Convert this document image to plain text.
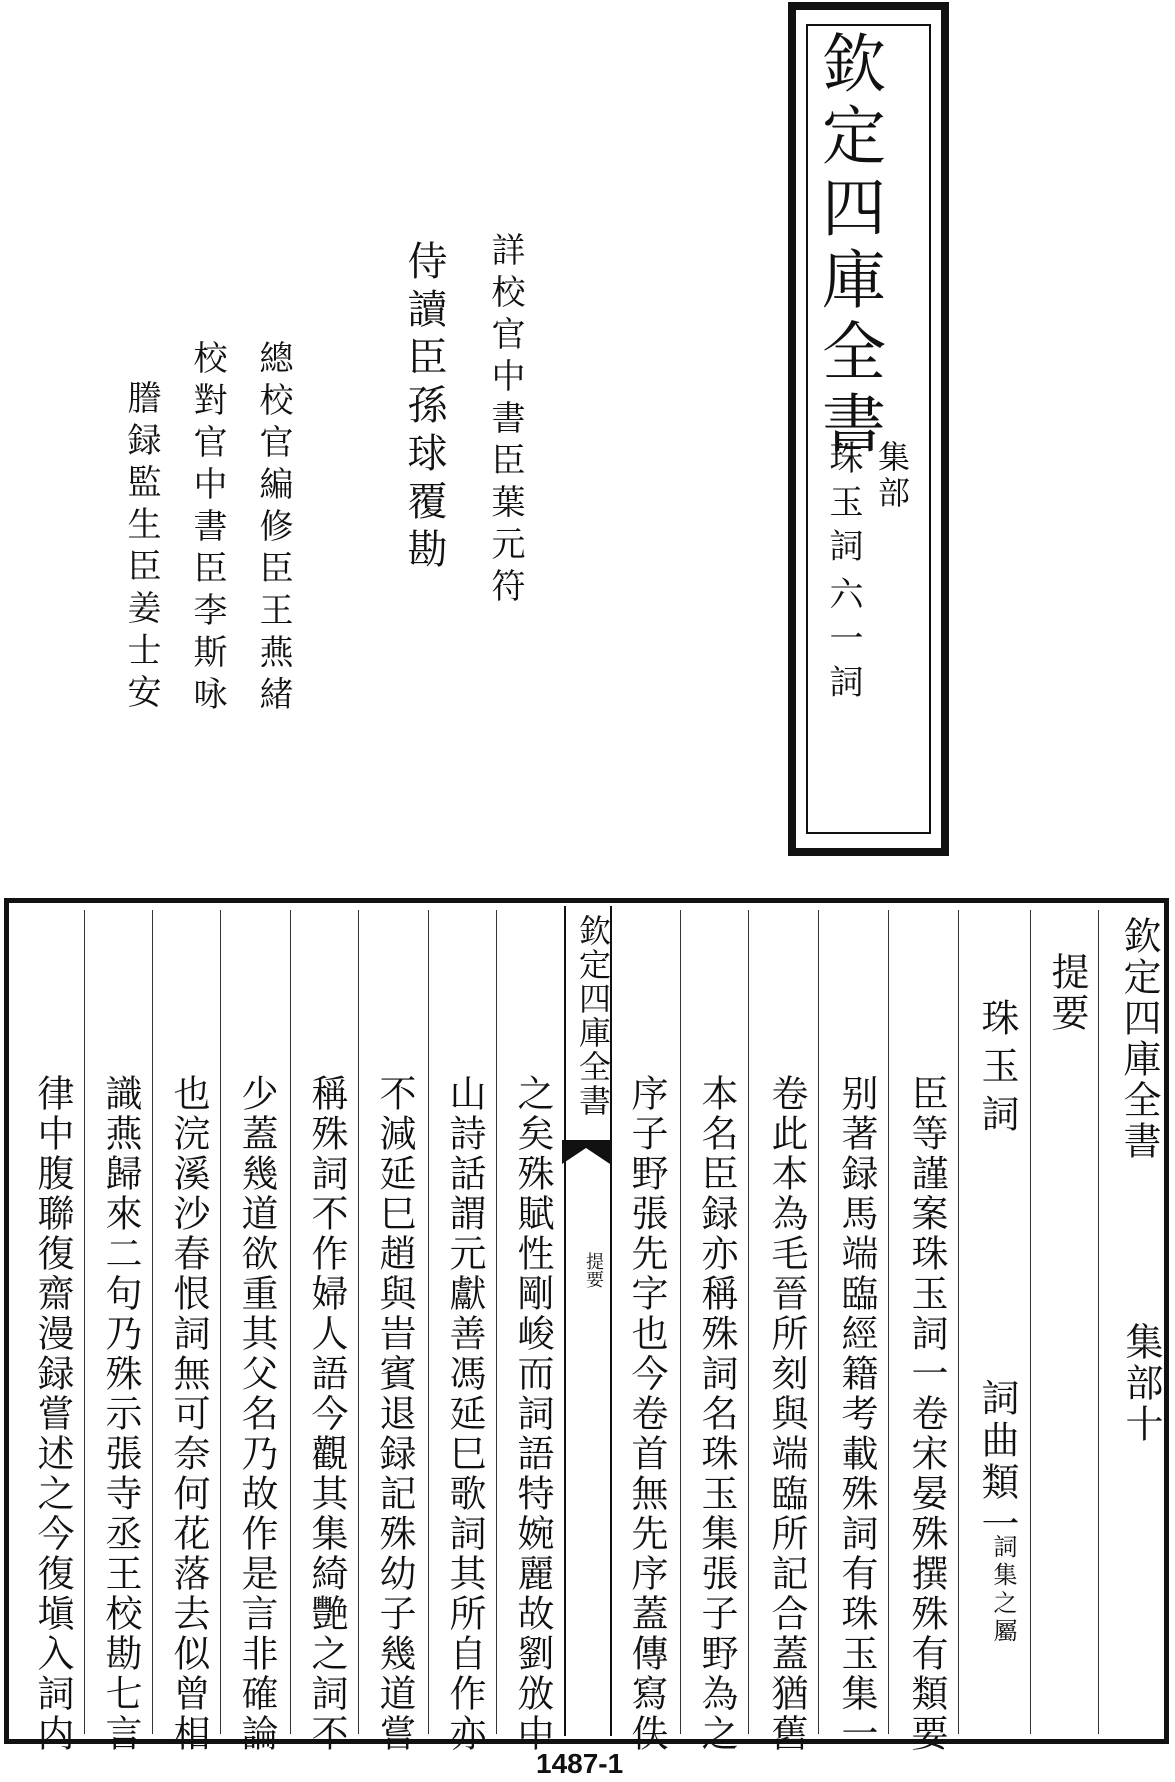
欽定四庫全書
集部
珠玉詞
六一詞
詳校官中書臣葉元符
侍讀臣孫球覆勘
總校官編修臣王燕緒
校對官中書臣李斯咏
謄録監生臣姜士安
欽定四庫全書
集部十
提要
珠玉詞
詞曲類一
詞集之屬
臣等謹案珠玉詞一卷宋晏殊撰殊有類要
别著録馬端臨經籍考載殊詞有珠玉集一
卷此本為毛晉所刻與端臨所記合蓋猶舊
本名臣録亦稱殊詞名珠玉集張子野為之
序子野張先字也今卷首無先序蓋傳寫佚
之矣殊賦性剛峻而詞語特婉麗故劉攽中
山詩話謂元獻善馮延巳歌詞其所自作亦
不減延巳趙與旹賓退録記殊幼子幾道嘗
稱殊詞不作婦人語今觀其集綺艷之詞不
少蓋幾道欲重其父名乃故作是言非確論
也浣溪沙春恨詞無可奈何花落去似曾相
識燕歸來二句乃殊示張寺丞王校勘七言
律中腹聯復齋漫録嘗述之今復塡入詞内
欽定四庫全書
提要
1487-1
